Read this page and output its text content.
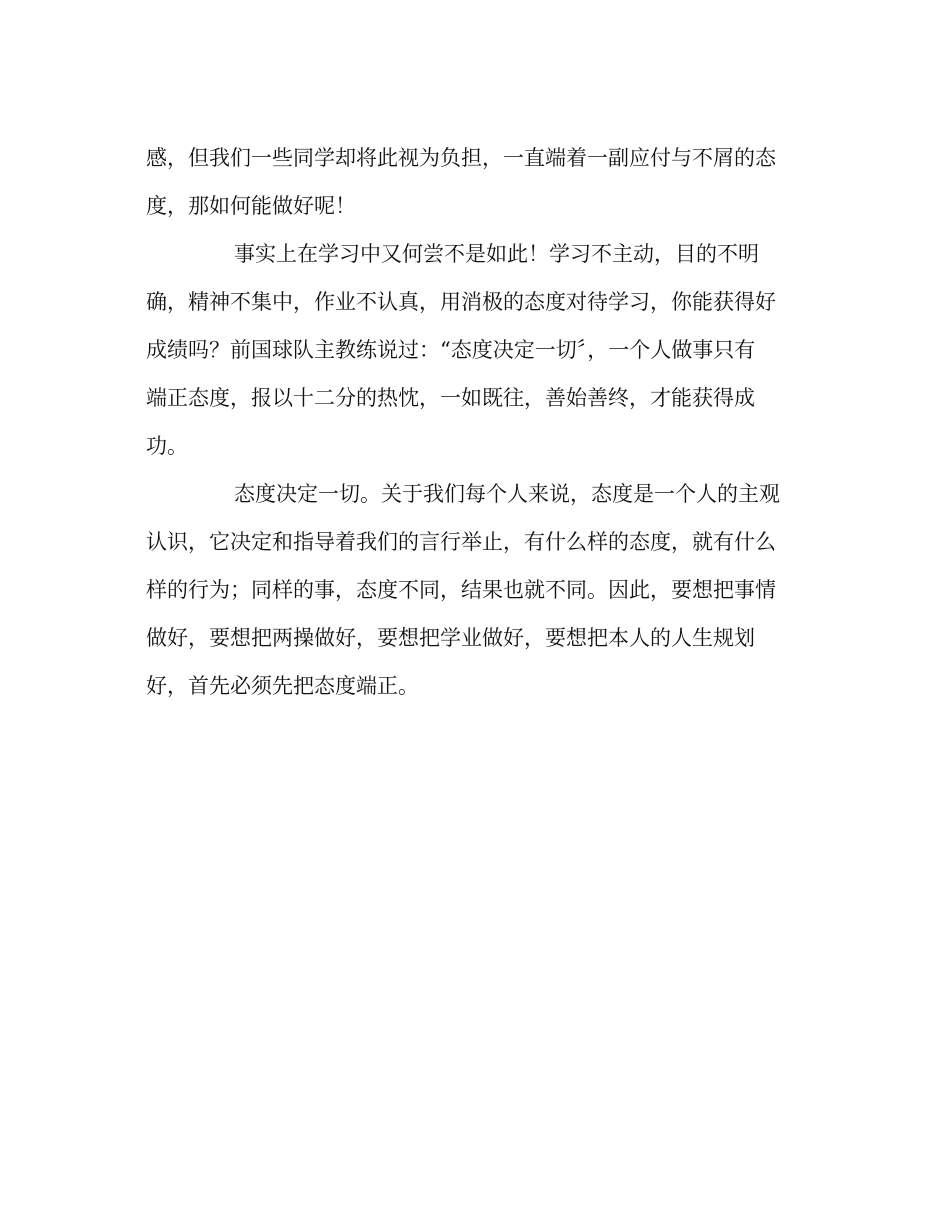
感，但我们一些同学却将此视为负担，一直端着一副应付与不屑的态
度，那如何能做好呢！
事实上在学习中又何尝不是如此！学习不主动，目的不明
确，精神不集中，作业不认真，用消极的态度对待学习，你能获得好
成绩吗？前国球队主教练说过：“态度决定一切〞，一个人做事只有
端正态度，报以十二分的热忱，一如既往，善始善终，才能获得成
功。
态度决定一切。关于我们每个人来说，态度是一个人的主观
认识，它决定和指导着我们的言行举止，有什么样的态度，就有什么
样的行为；同样的事，态度不同，结果也就不同。因此，要想把事情
做好，要想把两操做好，要想把学业做好，要想把本人的人生规划
好，首先必须先把态度端正。
